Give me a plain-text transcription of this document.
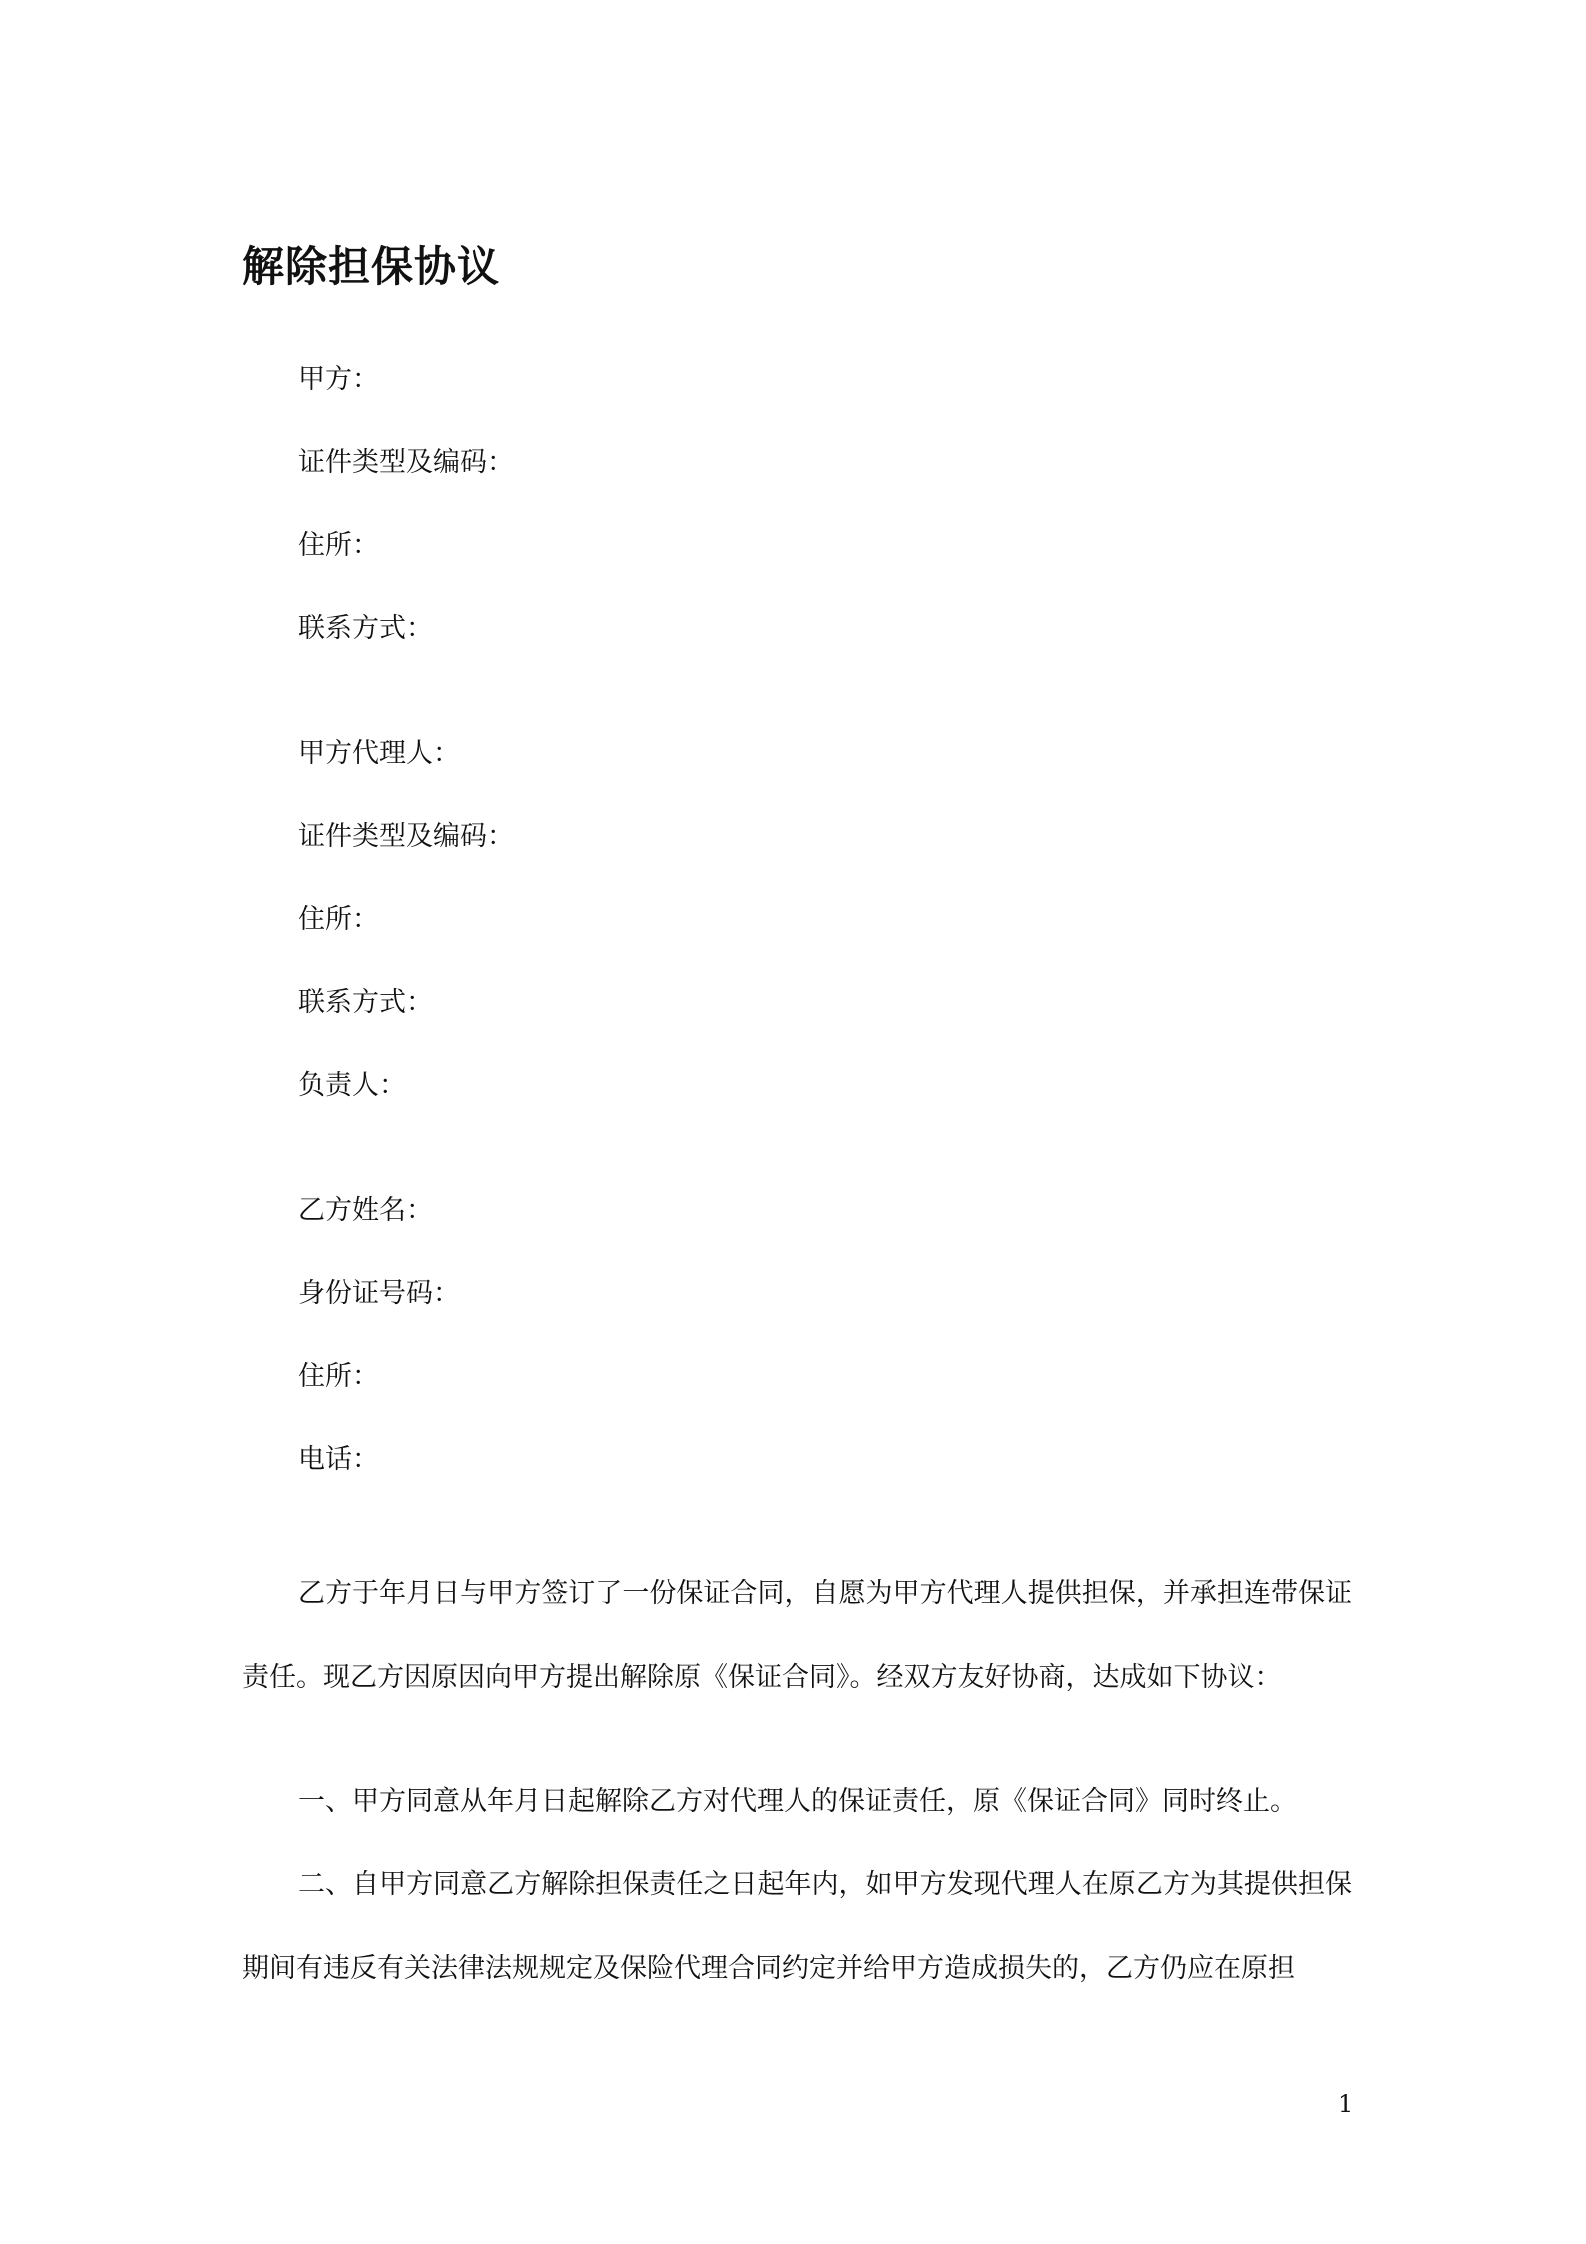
解除担保协议
甲方：
证件类型及编码：
住所：
联系方式：
甲方代理人：
证件类型及编码：
住所：
联系方式：
负责人：
乙方姓名：
身份证号码：
住所：
电话：

乙方于年月日与甲方签订了一份保证合同，自愿为甲方代理人提供担保，并承担连带保证责任。现乙方因原因向甲方提出解除原《保证合同》。经双方友好协商，达成如下协议：

一、甲方同意从年月日起解除乙方对代理人的保证责任，原《保证合同》同时终止。

二、自甲方同意乙方解除担保责任之日起年内，如甲方发现代理人在原乙方为其提供担保期间有违反有关法律法规规定及保险代理合同约定并给甲方造成损失的，乙方仍应在原担

1
